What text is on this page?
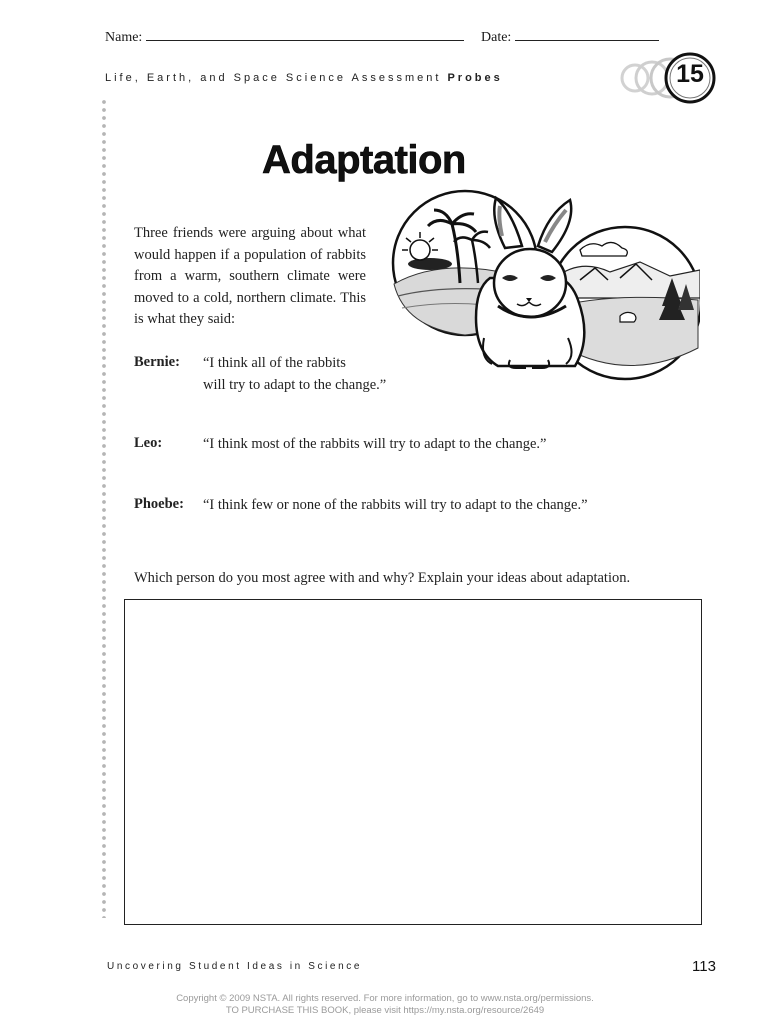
Name:	Date:
Life, Earth, and Space Science Assessment Probes	15
Adaptation
Three friends were arguing about what would happen if a population of rabbits from a warm, southern climate were moved to a cold, northern climate. This is what they said:
Bernie: “I think all of the rabbits
will try to adapt to the change.”
Leo:	“I think most of the rabbits will try to adapt to the change.”
Phoebe: “I think few or none of the rabbits will try to adapt to the change.”
Which person do you most agree with and why? Explain your ideas about adaptation.
Uncovering Student Ideas in Science	113
Copyright © 2009 NSTA. All rights reserved. For more information, go to www.nsta.org/permissions.
TO PURCHASE THIS BOOK, please visit https://my.nsta.org/resource/2649
